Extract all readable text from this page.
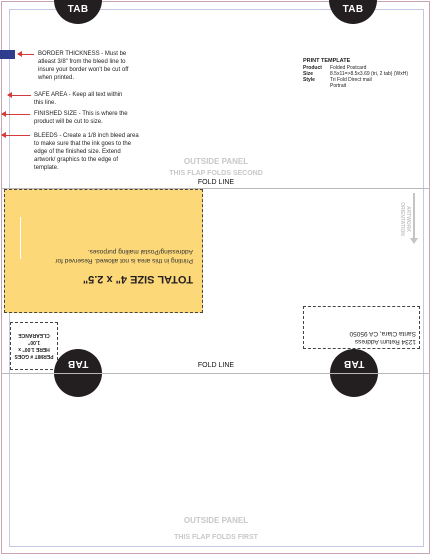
TAB	TAB
BORDER THICKNESS - Must be atleast 3/8" from the bleed line to insure your border won't be cut off when printed.
SAFE AREA - Keep all text within this line.
FINISHED SIZE - This is where the product will be cut to size.
BLEEDS - Create a 1/8 inch bleed area to make sure that the ink goes to the edge of the finished size. Extend artwork/ graphics to the edge of template.
PRINT TEMPLATE
Product	Folded Postcard
Size	8.5x11=>8.5x3.69 (tri, 2 tab) (WxH)
Style	Tri Fold Direct mail
Portrait
OUTSIDE PANEL
THIS FLAP FOLDS SECOND
FOLD LINE
ARTWORK ORIENTATION
TOTAL SIZE 4" x 2.5"
Printing in this area is not allowed. Reserved for Addressing/Postal mailing purposes.
1234 Return Address
Santa Clara, CA 95050
PERMIT # GOES HERE 1.00" x 1.00" CLEARANCE
TAB	TAB
FOLD LINE
OUTSIDE PANEL
THIS FLAP FOLDS FIRST
